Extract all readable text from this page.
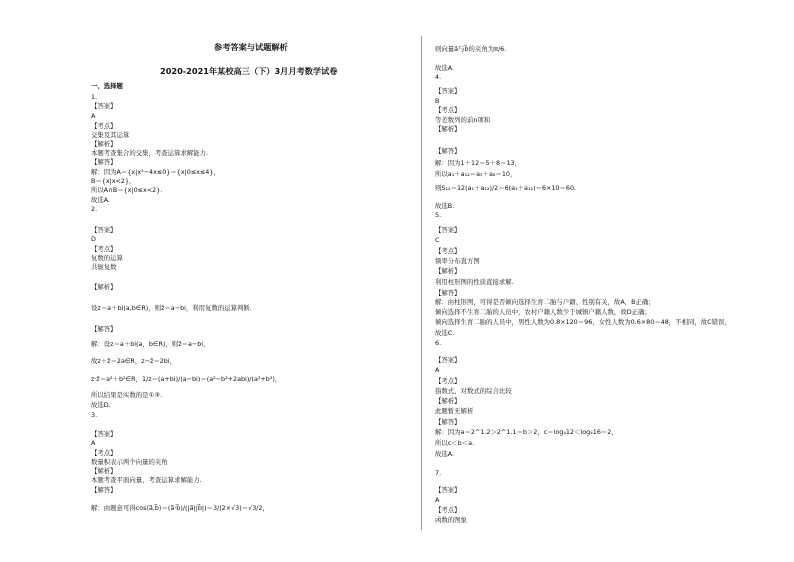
参考答案与试题解析
2020-2021年某校高三（下）3月月考数学试卷
一、选择题
1.
【答案】
A
【考点】
交集及其运算
【解析】
本题考查集合的交集，考查运算求解能力.
【解答】
解：因为A＝{x|x²−4x≤0}＝{x|0≤x≤4}，
B＝{x|x<2}，
所以A∩B＝{x|0≤x<2}.
故选A.
2.
【答案】
D
【考点】
复数的运算
共轭复数
【解析】
设z＝a＋bi(a,b∈R)，则z̄＝a−bi，利用复数的运算判断.
【解答】
解：设z＝a＋bi(a，b∈R)，则z̄＝a−bi，
故z＋z̄＝2a∈R，z−z̄＝2bi，
z·z̄＝a²＋b²∈R，1/z＝(a+bi)/(a−bi)＝(a²−b²+2abi)/(a²+b²)，
所以结果是实数的是①③.
故选D.
3.
【答案】
A
【考点】
数量积表示两个向量的夹角
【解析】
本题考查平面向量，考查运算求解能力.
【解答】
解：由题意可得cos⟨a⃗,b⃗⟩＝(a⃗·b⃗)/(|a⃗||b⃗|)＝3/(2×√3)＝√3/2，
则向量a⃗与b⃗的夹角为π/6.
故选A.
4.
【答案】
B
【考点】
等差数列的前n项和
【解析】
【解答】
解：因为1＋12＝5＋8＝13，
所以a₁＋a₁₂＝a₅＋a₈＝10，
则S₁₂＝12(a₁＋a₁₂)/2＝6(a₁＋a₁₂)＝6×10＝60.
故选B.
5.
【答案】
C
【考点】
频率分布直方图
【解析】
利用柱形图的性质直接求解.
【解答】
解：由柱形图，可得是否倾向选择生育二胎与户籍、性别有关，故A，B正确；
倾向选择不生育二胎的人员中，农村户籍人数少于城镇户籍人数，故D正确；
倾向选择生育二胎的人员中，男性人数为0.8×120＝96，女性人数为0.6×80＝48，不相同，故C错误，
故选C.
6.
【答案】
A
【考点】
指数式、对数式的综合比较
【解析】
此题暂无解析
【解答】
解：因为a＝2^1.2＞2^1.1＝b＞2，c＝log₄12＜log₄16＝2，
所以c＜b＜a.
故选A.
7.
【答案】
A
【考点】
函数的图象
